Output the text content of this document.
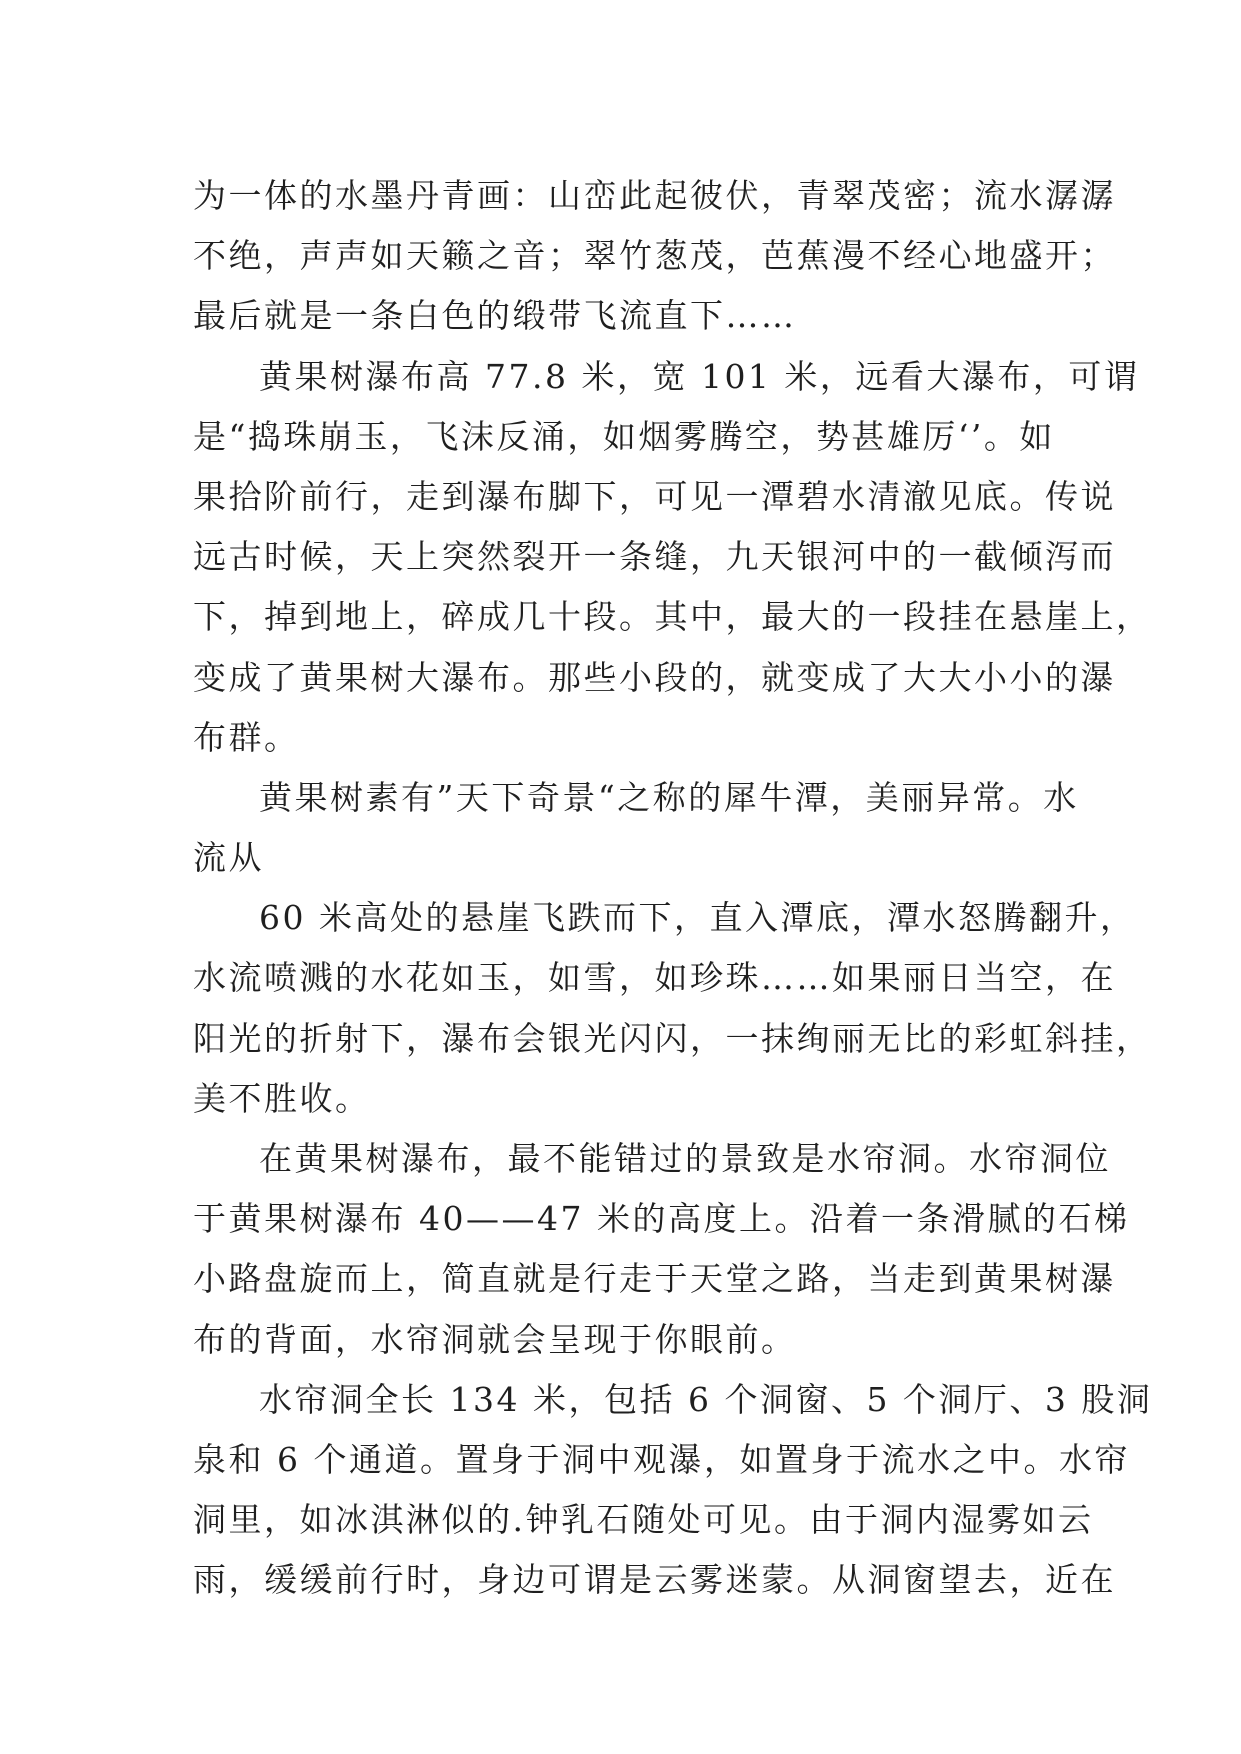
为一体的水墨丹青画：山峦此起彼伏，青翠茂密；流水潺潺
不绝，声声如天籁之音；翠竹葱茂，芭蕉漫不经心地盛开；
最后就是一条白色的缎带飞流直下……
黄果树瀑布高 77.8 米，宽 101 米，远看大瀑布，可谓
是“捣珠崩玉，飞沫反涌，如烟雾腾空，势甚雄厉‘’。如
果拾阶前行，走到瀑布脚下，可见一潭碧水清澈见底。传说
远古时候，天上突然裂开一条缝，九天银河中的一截倾泻而
下，掉到地上，碎成几十段。其中，最大的一段挂在悬崖上，
变成了黄果树大瀑布。那些小段的，就变成了大大小小的瀑
布群。
黄果树素有”天下奇景“之称的犀牛潭，美丽异常。水
流从
60 米高处的悬崖飞跌而下，直入潭底，潭水怒腾翻升，
水流喷溅的水花如玉，如雪，如珍珠……如果丽日当空，在
阳光的折射下，瀑布会银光闪闪，一抹绚丽无比的彩虹斜挂，
美不胜收。
在黄果树瀑布，最不能错过的景致是水帘洞。水帘洞位
于黄果树瀑布 40——47 米的高度上。沿着一条滑腻的石梯
小路盘旋而上，简直就是行走于天堂之路，当走到黄果树瀑
布的背面，水帘洞就会呈现于你眼前。
水帘洞全长 134 米，包括 6 个洞窗、5 个洞厅、3 股洞
泉和 6 个通道。置身于洞中观瀑，如置身于流水之中。水帘
洞里，如冰淇淋似的.钟乳石随处可见。由于洞内湿雾如云
雨，缓缓前行时，身边可谓是云雾迷蒙。从洞窗望去，近在
